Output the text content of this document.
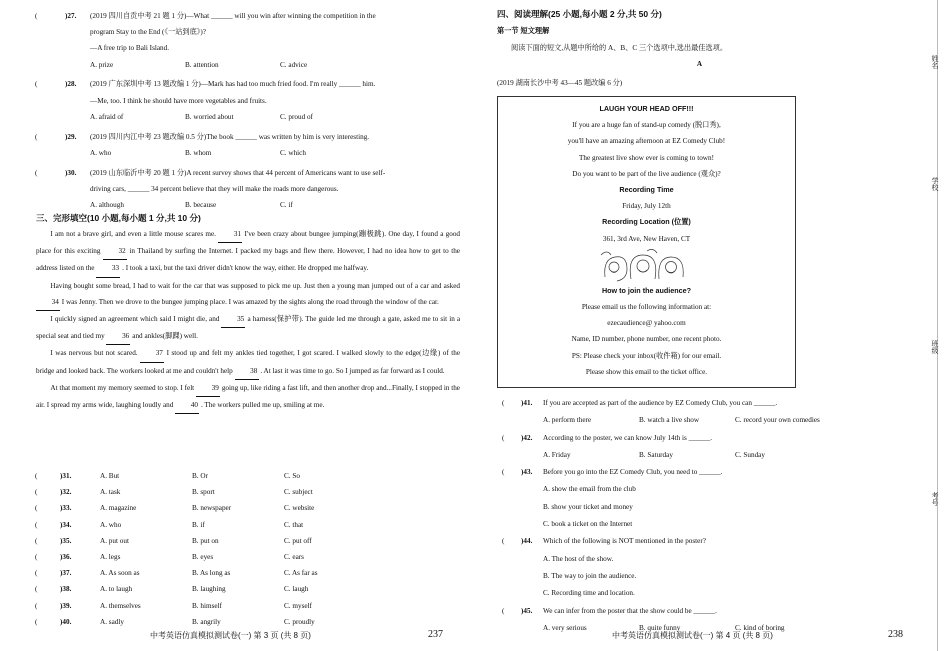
(	)27. (2019 四川自贡中考 21 题 1 分)—What ______ will you win after winning the competition in the
program Stay to the End (《一站到底》)?
—A free trip to Bali Island.
A. prize	B. attention	C. advice
(	)28. (2019 广东深圳中考 13 题改编 1 分)—Mark has had too much fried food. I'm really ______ him.
—Me, too. I think he should have more vegetables and fruits.
A. afraid of	B. worried about	C. proud of
(	)29. (2019 四川内江中考 23 题改编 0.5 分)The book ______ was written by him is very interesting.
A. who	B. whom	C. which
(	)30. (2019 山东临沂中考 20 题 1 分)A recent survey shows that 44 percent of Americans want to use self-
driving cars, ______ 34 percent believe that they will make the roads more dangerous.
A. although	B. because	C. if
三、完形填空(10 小题,每小题 1 分,共 10 分)

I am not a brave girl, and even a little mouse scares me. 31 I've been crazy about bungee jumping(蹦极跳). One day, I found a good place for this exciting	32 in Thailand by surfing the Internet. I packed my bags and flew there. However, I had no idea how to get to the address listed on the 33 . I took a taxi, but the taxi driver didn't know the way, either. He dropped me halfway.

Having bought some bread, I had to wait for the car that was supposed to pick me up. Just then a young man jumped out of a car and asked 34 I was Jenny. Then we drove to the bungee jumping place. I was amazed by the sights along the road through the window of the car.

I quickly signed an agreement which said I might die, and 35 a harness(保护带). The guide led me through a gate, asked me to sit in a special seat and tied my 36 and ankles(脚踝) well.

I was nervous but not scared.	37 I stood up and felt my ankles tied together, I got scared. I walked slowly to the edge(边缘) of the bridge and looked back. The workers looked at me and couldn't help 38 . At last it was time to go. So I jumped as far forward as I could.

At that moment my memory seemed to stop. I felt 39 going up, like riding a fast lift, and then another drop and...Finally, I stopped in the air. I spread my arms wide, laughing loudly and 40 . The workers pulled me up, smiling at me.

(	)31.	A. But	B. Or	C. So
(	)32.	A. task	B. sport	C. subject
(	)33.	A. magazine	B. newspaper	C. website
(	)34.	A. who	B. if	C. that
(	)35.	A. put out	B. put on	C. put off
(	)36.	A. legs	B. eyes	C. ears
(	)37.	A. As soon as	B. As long as	C. As far as
(	)38.	A. to laugh	B. laughing	C. laugh
(	)39.	A. themselves	B. himself	C. myself
(	)40.	A. sadly	B. angrily	C. proudly
中考英语仿真模拟测试卷(一) 第 3 页 (共 8 页)	237
四、阅读理解(25 小题,每小题 2 分,共 50 分)
第一节 短文理解
阅读下面的短文,从题中所给的 A、B、C 三个选项中,选出最佳选项。
A
(2019 湖南长沙中考 43—45 题改编 6 分)
LAUGH YOUR HEAD OFF!!!
If you are a huge fan of stand-up comedy (脱口秀),
you'll have an amazing afternoon at EZ Comedy Club!
The greatest live show ever is coming to town!
Do you want to be part of the live audience (观众)?
Recording Time
Friday, July 12th
Recording Location (位置)
361, 3rd Ave, New Haven, CT
How to join the audience?
Please email us the following information at:
ezecaudience@ yahoo.com
Name, ID number, phone number, one recent photo.
PS: Please check your inbox(收件箱) for our email.
Please show this email to the ticket office.
( )41. If you are accepted as part of the audience by EZ Comedy Club, you can ______.
A. perform there	B. watch a live show	C. record your own comedies
( )42. According to the poster, we can know July 14th is ______.
A. Friday	B. Saturday	C. Sunday
( )43. Before you go into the EZ Comedy Club, you need to ______.
A. show the email from the club
B. show your ticket and money
C. book a ticket on the Internet
( )44. Which of the following is NOT mentioned in the poster?
A. The host of the show.
B. The way to join the audience.
C. Recording time and location.
( )45. We can infer from the poster that the show could be ______.
A. very serious	B. quite funny	C. kind of boring
中考英语仿真模拟测试卷(一) 第 4 页 (共 8 页)	238
姓名
学校
班级
考号
